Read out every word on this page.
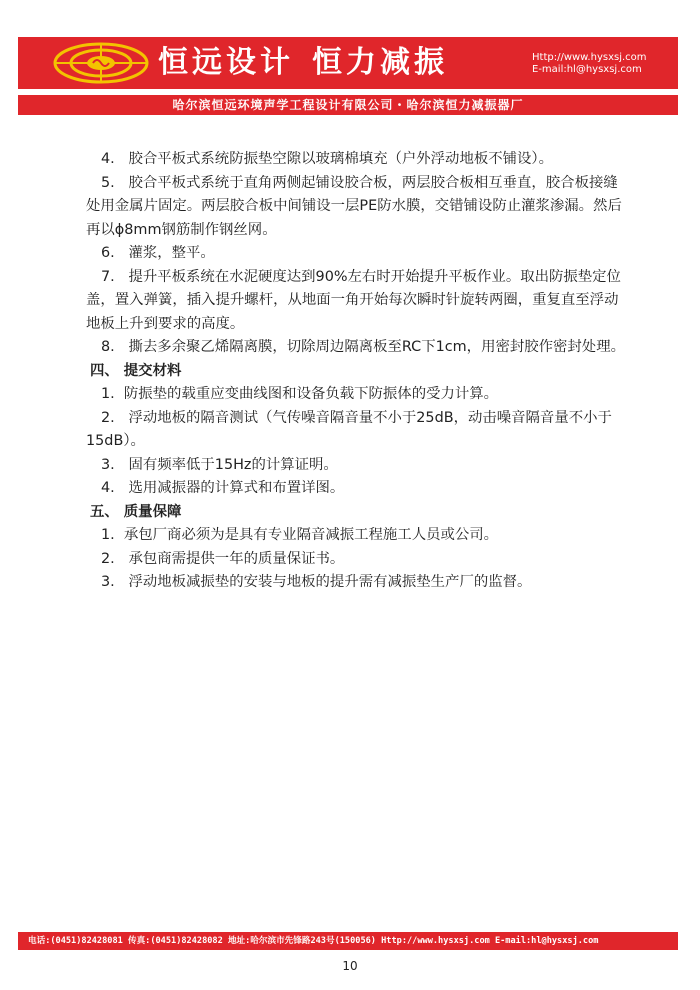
恒远设计 恒力减振	Http://www.hysxsj.com
E-mail:hl@hysxsj.com
哈尔滨恒远环境声学工程设计有限公司・哈尔滨恒力减振器厂

4.   胶合平板式系统防振垫空隙以玻璃棉填充（户外浮动地板不铺设）。

5.   胶合平板式系统于直角两侧起铺设胶合板，两层胶合板相互垂直，胶合板接缝处用金属片固定。两层胶合板中间铺设一层PE防水膜，交错铺设防止灌浆渗漏。然后再以ϕ8mm钢筋制作钢丝网。

6.   灌浆，整平。

7.   提升平板系统在水泥硬度达到90%左右时开始提升平板作业。取出防振垫定位盖，置入弹簧，插入提升螺杆，从地面一角开始每次瞬时针旋转两圈，重复直至浮动地板上升到要求的高度。

8.   撕去多余聚乙烯隔离膜，切除周边隔离板至RC下1cm，用密封胶作密封处理。

四、 提交材料

1.  防振垫的载重应变曲线图和设备负载下防振体的受力计算。

2.   浮动地板的隔音测试（气传噪音隔音量不小于25dB，动击噪音隔音量不小于15dB）。

3.   固有频率低于15Hz的计算证明。

4.   选用减振器的计算式和布置详图。

五、 质量保障

1.  承包厂商必须为是具有专业隔音减振工程施工人员或公司。

2.   承包商需提供一年的质量保证书。

3.   浮动地板减振垫的安装与地板的提升需有减振垫生产厂的监督。

电话:(0451)82428081 传真:(0451)82428082 地址:哈尔滨市先锋路243号(150056) Http://www.hysxsj.com E-mail:hl@hysxsj.com
10
